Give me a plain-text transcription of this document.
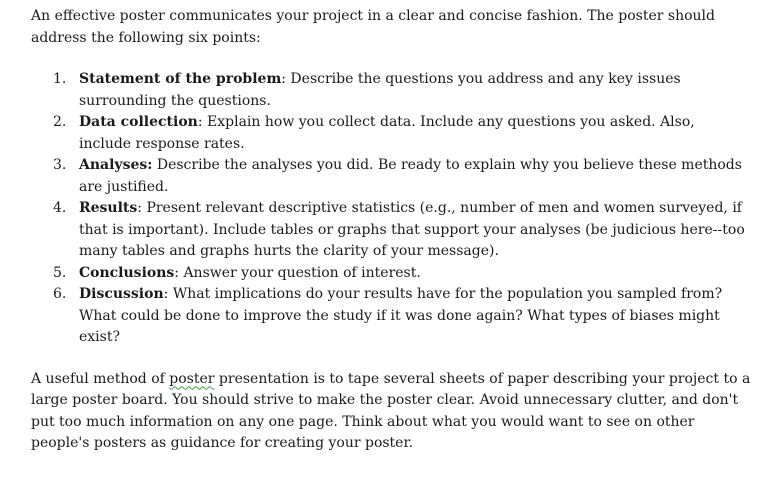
An effective poster communicates your project in a clear and concise fashion. The poster should address the following six points:

1. Statement of the problem: Describe the questions you address and any key issues surrounding the questions.
2. Data collection: Explain how you collect data. Include any questions you asked. Also, include response rates.
3. Analyses: Describe the analyses you did. Be ready to explain why you believe these methods are justified.
4. Results: Present relevant descriptive statistics (e.g., number of men and women surveyed, if that is important). Include tables or graphs that support your analyses (be judicious here--too many tables and graphs hurts the clarity of your message).
5. Conclusions: Answer your question of interest.
6. Discussion: What implications do your results have for the population you sampled from? What could be done to improve the study if it was done again? What types of biases might exist?

A useful method of poster presentation is to tape several sheets of paper describing your project to a large poster board. You should strive to make the poster clear. Avoid unnecessary clutter, and don't put too much information on any one page. Think about what you would want to see on other people's posters as guidance for creating your poster.
